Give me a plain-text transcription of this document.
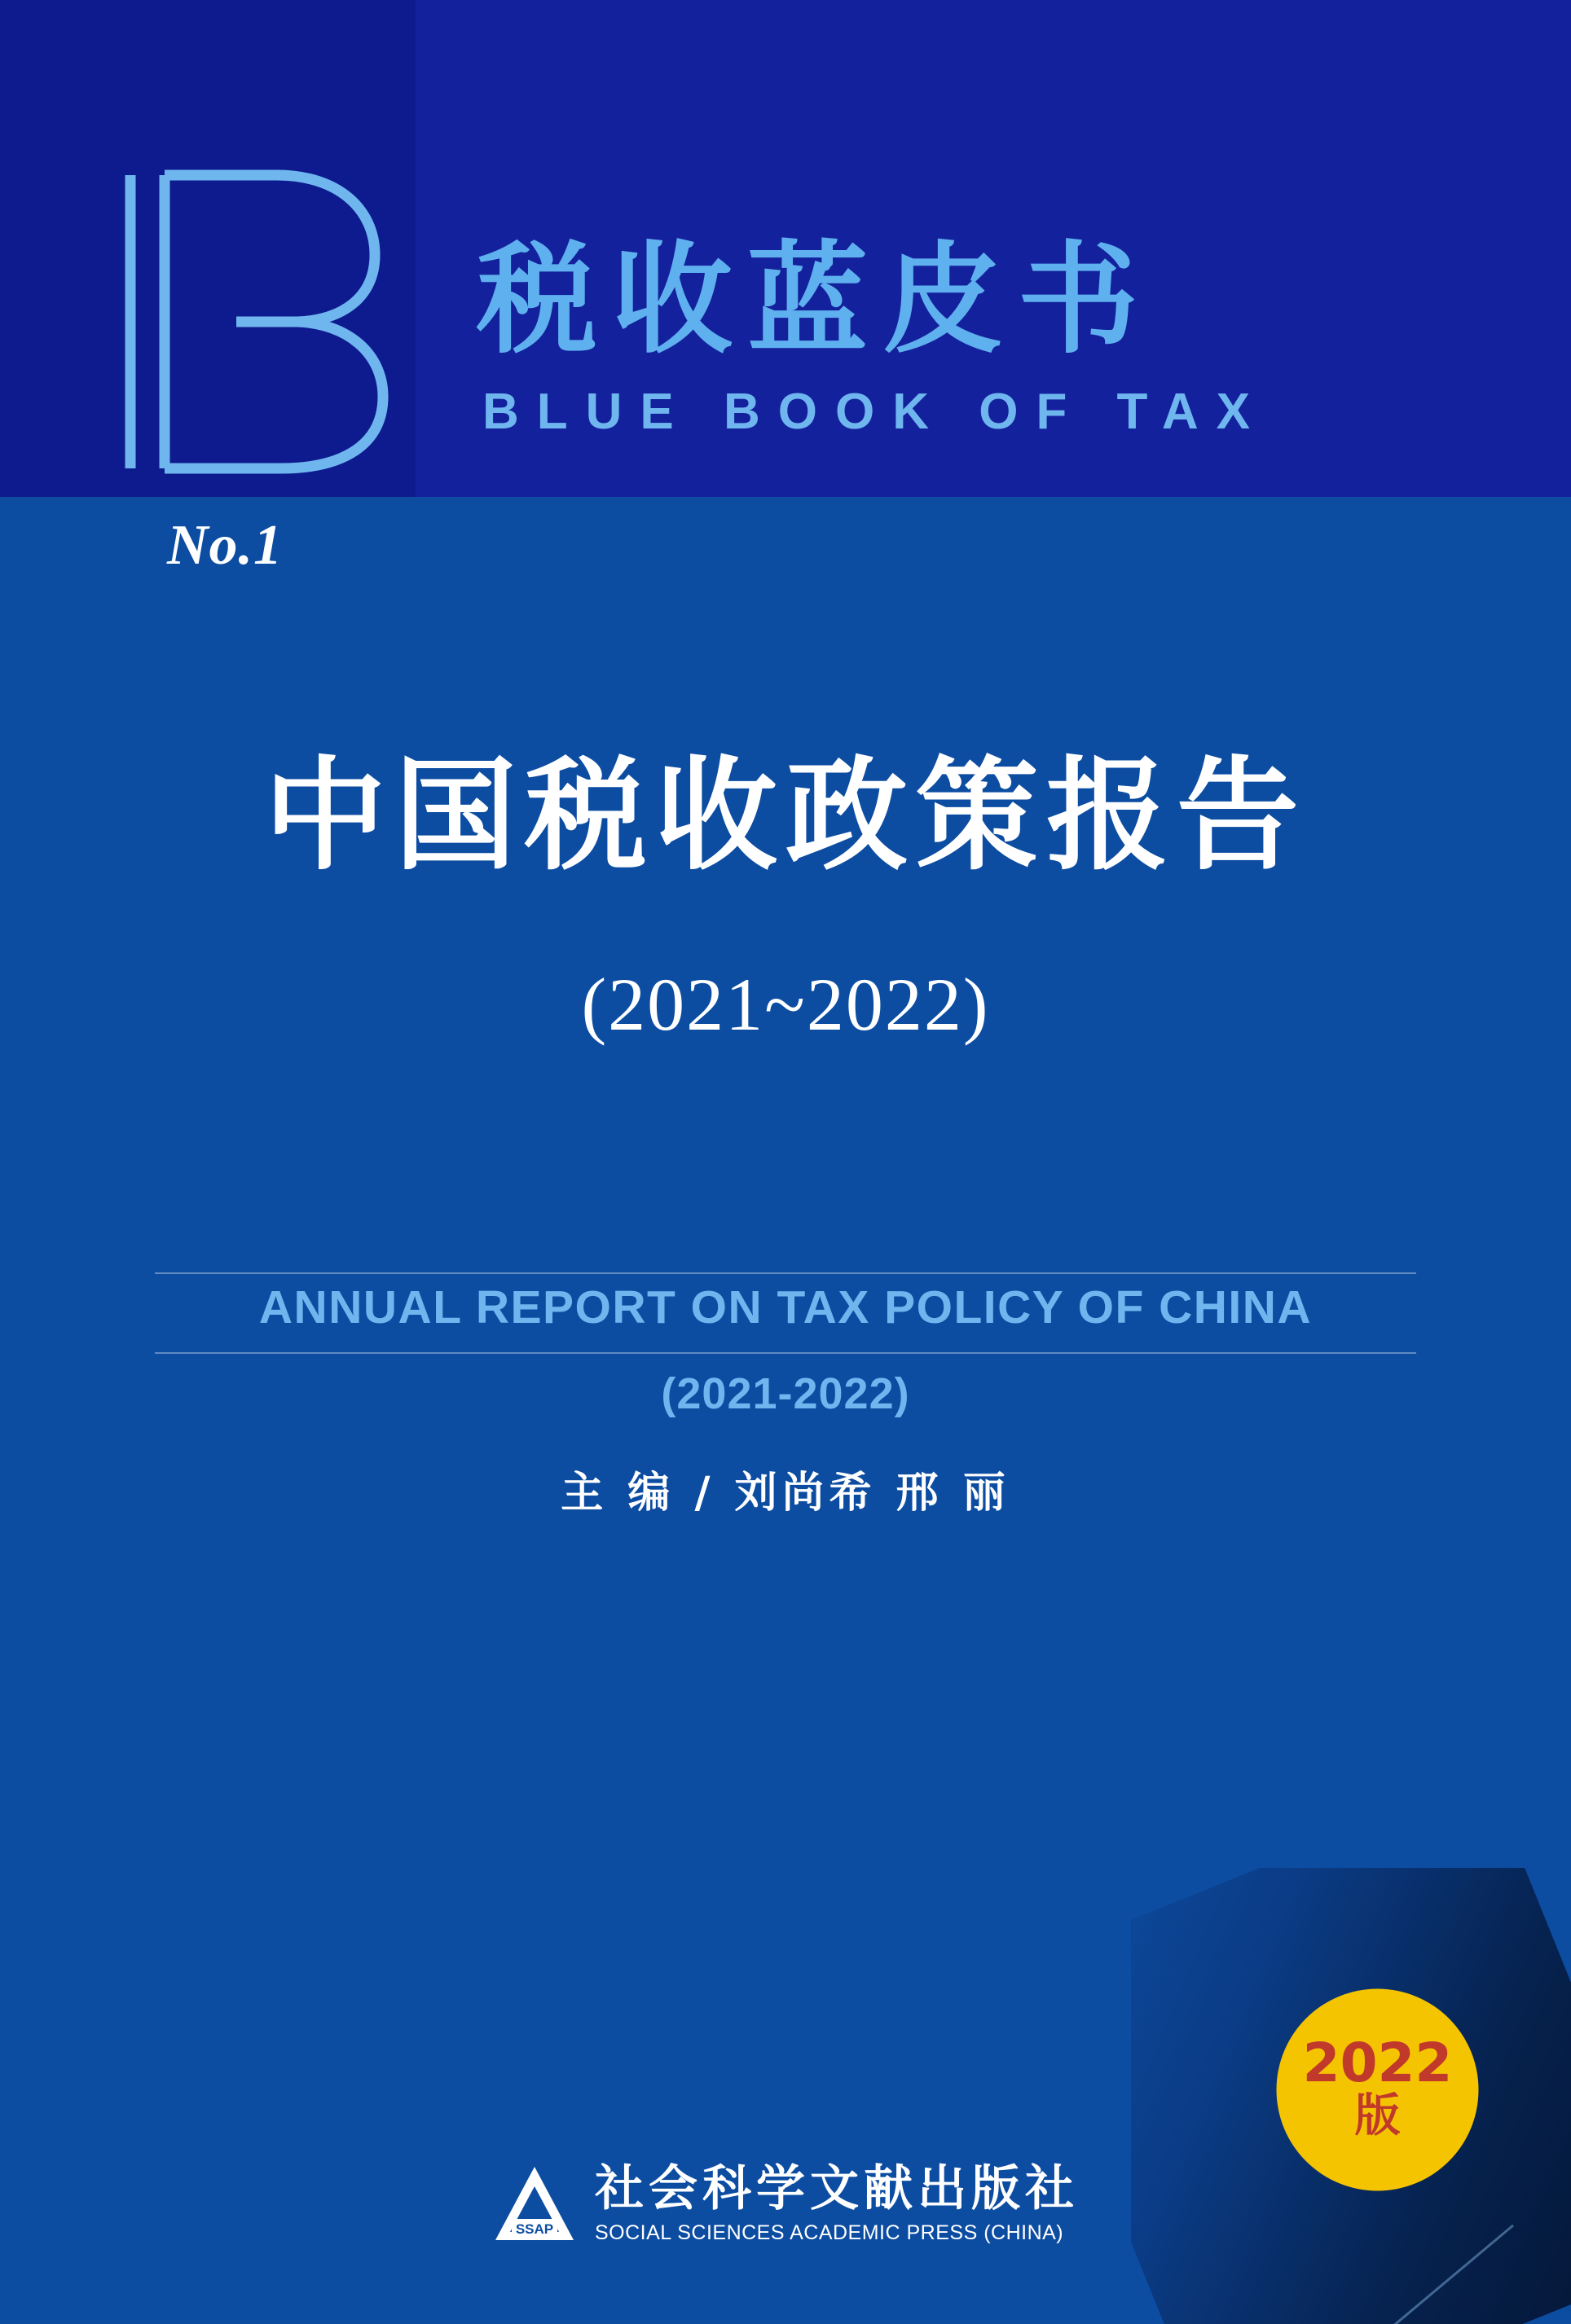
税收蓝皮书
BLUE BOOK OF TAX
No.1
中国税收政策报告
(2021~2022)
ANNUAL REPORT ON TAX POLICY OF CHINA
(2021-2022)
主 编 / 刘尚希 邢 丽
2022
版
SSAP
社会科学文献出版社
SOCIAL SCIENCES ACADEMIC PRESS (CHINA)
